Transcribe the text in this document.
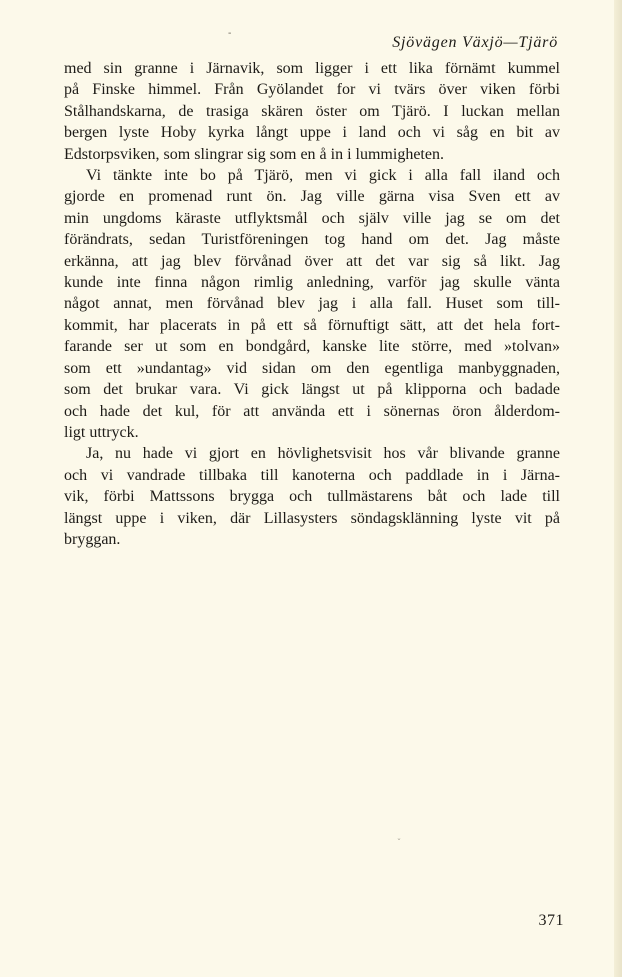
-
Sjövägen Växjö—Tjärö
med sin granne i Järnavik, som ligger i ett lika förnämt kummel
på Finske himmel. Från Gyölandet for vi tvärs över viken förbi
Stålhandskarna, de trasiga skären öster om Tjärö. I luckan mellan
bergen lyste Hoby kyrka långt uppe i land och vi såg en bit av
Edstorpsviken, som slingrar sig som en å in i lummigheten.
Vi tänkte inte bo på Tjärö, men vi gick i alla fall iland och
gjorde en promenad runt ön. Jag ville gärna visa Sven ett av
min ungdoms käraste utflyktsmål och själv ville jag se om det
förändrats, sedan Turistföreningen tog hand om det. Jag måste
erkänna, att jag blev förvånad över att det var sig så likt. Jag
kunde inte finna någon rimlig anledning, varför jag skulle vänta
något annat, men förvånad blev jag i alla fall. Huset som till-
kommit, har placerats in på ett så förnuftigt sätt, att det hela fort-
farande ser ut som en bondgård, kanske lite större, med »tolvan»
som ett »undantag» vid sidan om den egentliga manbyggnaden,
som det brukar vara. Vi gick längst ut på klipporna och badade
och hade det kul, för att använda ett i sönernas öron ålderdom-
ligt uttryck.
Ja, nu hade vi gjort en hövlighetsvisit hos vår blivande granne
och vi vandrade tillbaka till kanoterna och paddlade in i Järna-
vik, förbi Mattssons brygga och tullmästarens båt och lade till
längst uppe i viken, där Lillasysters söndagsklänning lyste vit på
bryggan.
˘
371
